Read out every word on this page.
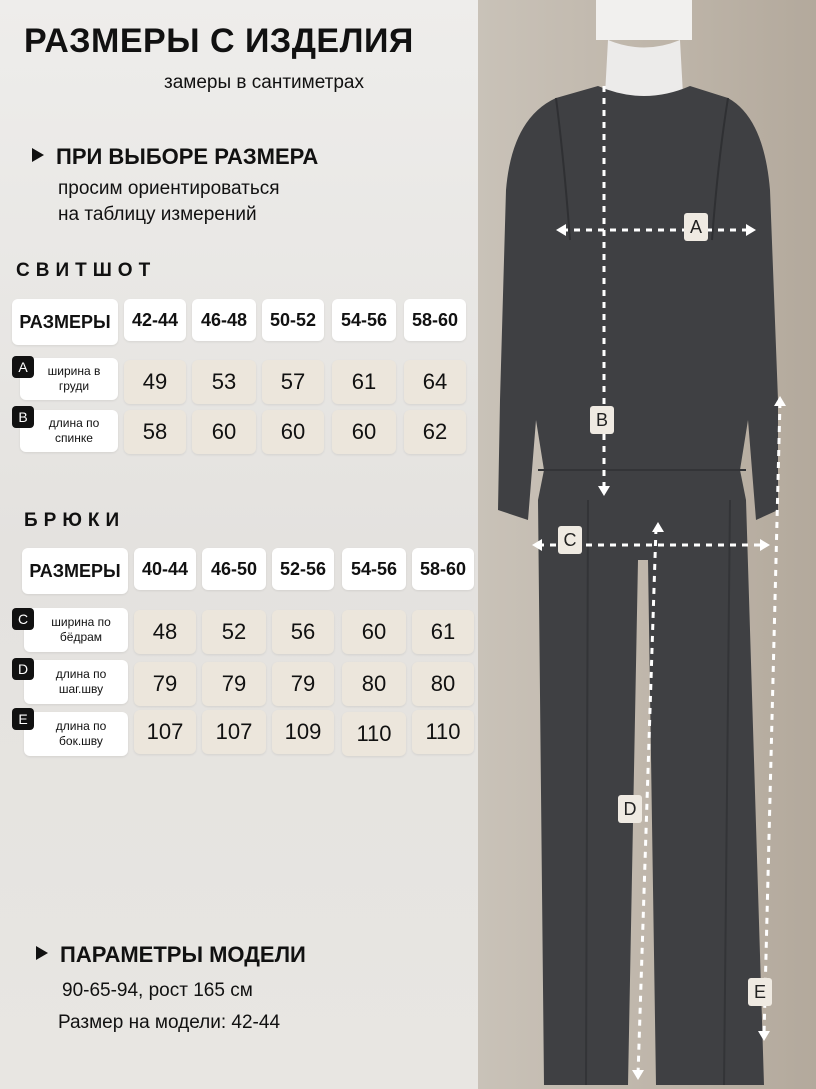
A
B
C
D
E
РАЗМЕРЫ С ИЗДЕЛИЯ
замеры в сантиметрах
ПРИ ВЫБОРЕ РАЗМЕРА
просим ориентироваться
на таблицу измерений
СВИТШОТ
РАЗМЕРЫ	42-44	46-48	50-52	54-56	58-60
ширина в
груди
A
49	53	57	61	64
длина по
спинке
B
58	60	60	60	62
БРЮКИ
РАЗМЕРЫ	40-44	46-50	52-56	54-56	58-60
ширина по
бёдрам
C	48	52	56	60	61
длина по
шаг.шву
D
79	79	79	80	80
длина по
бок.шву
E	107	107	109	110	110
ПАРАМЕТРЫ МОДЕЛИ
90-65-94, рост 165 см
Размер на модели: 42-44
